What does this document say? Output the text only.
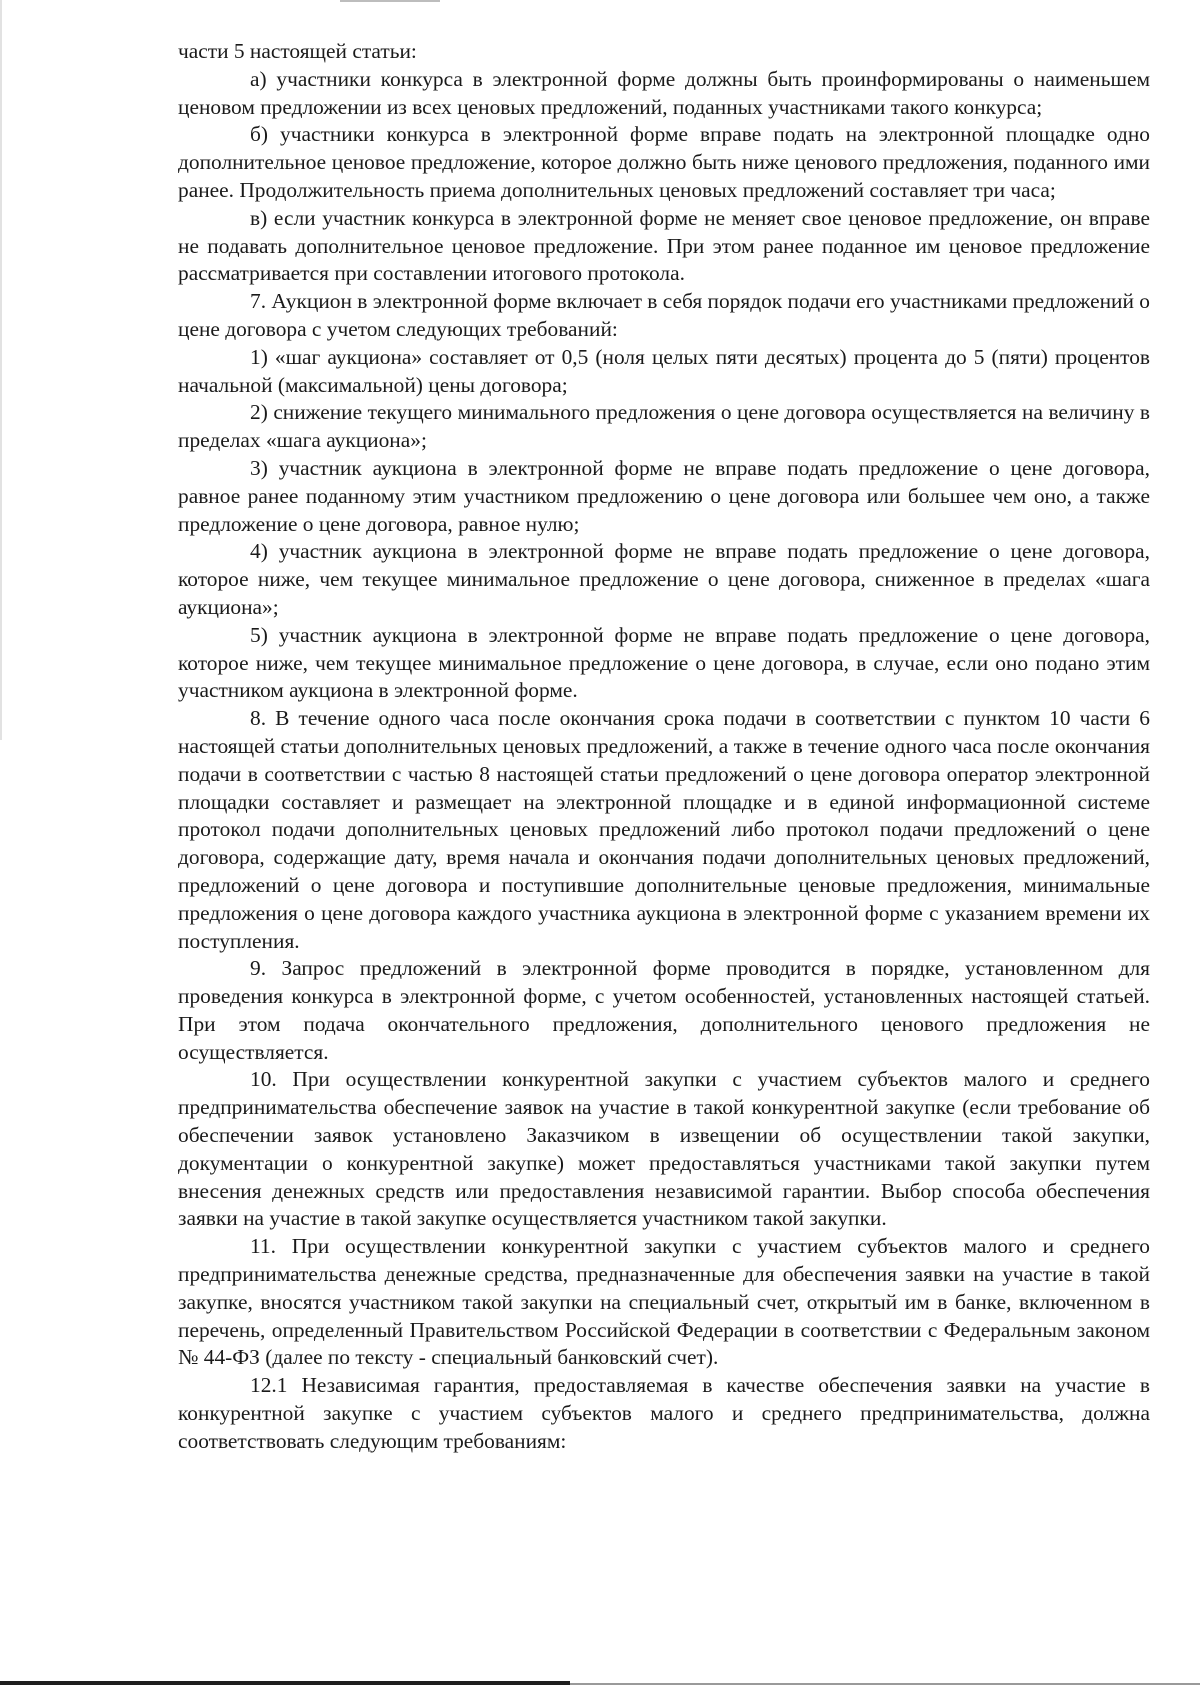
части 5 настоящей статьи:

а) участники конкурса в электронной форме должны быть проинформированы о наименьшем ценовом предложении из всех ценовых предложений, поданных участниками такого конкурса;

б) участники конкурса в электронной форме вправе подать на электронной площадке одно дополнительное ценовое предложение, которое должно быть ниже ценового предложения, поданного ими ранее. Продолжительность приема дополнительных ценовых предложений составляет три часа;

в) если участник конкурса в электронной форме не меняет свое ценовое предложение, он вправе не подавать дополнительное ценовое предложение. При этом ранее поданное им ценовое предложение рассматривается при составлении итогового протокола.

7. Аукцион в электронной форме включает в себя порядок подачи его участниками предложений о цене договора с учетом следующих требований:

1) «шаг аукциона» составляет от 0,5 (ноля целых пяти десятых) процента до 5 (пяти) процентов начальной (максимальной) цены договора;

2) снижение текущего минимального предложения о цене договора осуществляется на величину в пределах «шага аукциона»;

3) участник аукциона в электронной форме не вправе подать предложение о цене договора, равное ранее поданному этим участником предложению о цене договора или большее чем оно, а также предложение о цене договора, равное нулю;

4) участник аукциона в электронной форме не вправе подать предложение о цене договора, которое ниже, чем текущее минимальное предложение о цене договора, сниженное в пределах «шага аукциона»;

5) участник аукциона в электронной форме не вправе подать предложение о цене договора, которое ниже, чем текущее минимальное предложение о цене договора, в случае, если оно подано этим участником аукциона в электронной форме.

8. В течение одного часа после окончания срока подачи в соответствии с пунктом 10 части 6 настоящей статьи дополнительных ценовых предложений, а также в течение одного часа после окончания подачи в соответствии с частью 8 настоящей статьи предложений о цене договора оператор электронной площадки составляет и размещает на электронной площадке и в единой информационной системе протокол подачи дополнительных ценовых предложений либо протокол подачи предложений о цене договора, содержащие дату, время начала и окончания подачи дополнительных ценовых предложений, предложений о цене договора и поступившие дополнительные ценовые предложения, минимальные предложения о цене договора каждого участника аукциона в электронной форме с указанием времени их поступления.

9. Запрос предложений в электронной форме проводится в порядке, установленном для проведения конкурса в электронной форме, с учетом особенностей, установленных настоящей статьей. При этом подача окончательного предложения, дополнительного ценового предложения не осуществляется.

10. При осуществлении конкурентной закупки с участием субъектов малого и среднего предпринимательства обеспечение заявок на участие в такой конкурентной закупке (если требование об обеспечении заявок установлено Заказчиком в извещении об осуществлении такой закупки, документации о конкурентной закупке) может предоставляться участниками такой закупки путем внесения денежных средств или предоставления независимой гарантии. Выбор способа обеспечения заявки на участие в такой закупке осуществляется участником такой закупки.

11. При осуществлении конкурентной закупки с участием субъектов малого и среднего предпринимательства денежные средства, предназначенные для обеспечения заявки на участие в такой закупке, вносятся участником такой закупки на специальный счет, открытый им в банке, включенном в перечень, определенный Правительством Российской Федерации в соответствии с Федеральным законом № 44-ФЗ (далее по тексту - специальный банковский счет).

12.1 Независимая гарантия, предоставляемая в качестве обеспечения заявки на участие в конкурентной закупке с участием субъектов малого и среднего предпринимательства, должна соответствовать следующим требованиям:
